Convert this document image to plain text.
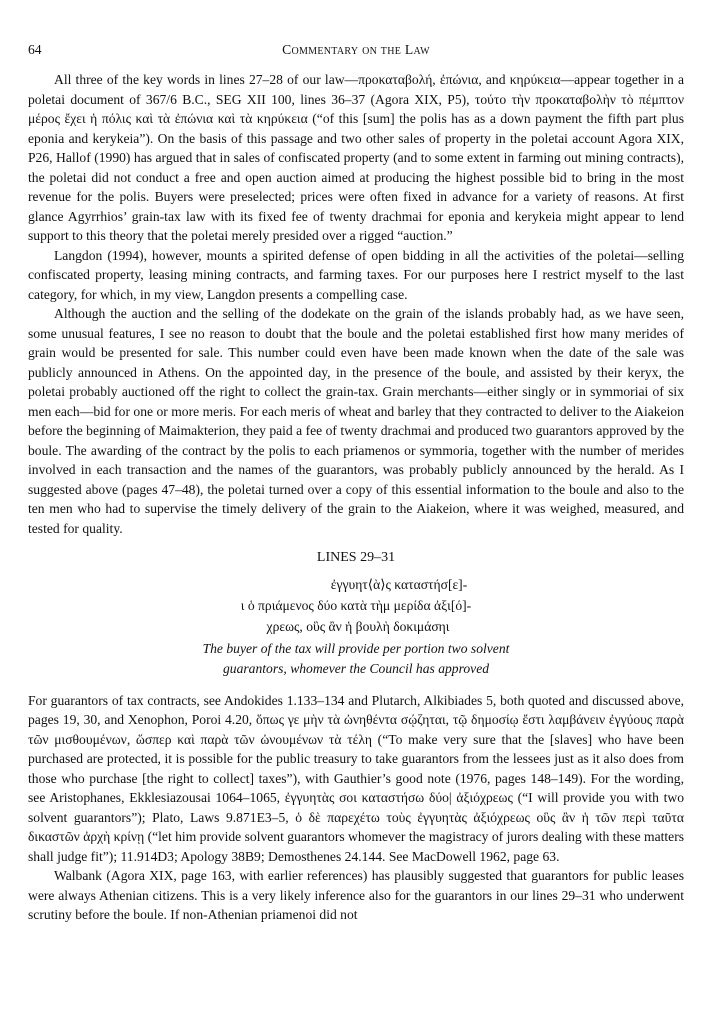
64	Commentary on the Law

All three of the key words in lines 27–28 of our law—προκαταβολή, ἐπώνια, and κηρύκεια—appear together in a poletai document of 367/6 B.C., SEG XII 100, lines 36–37 (Agora XIX, P5), τούτο τὴν προκαταβολὴν τὸ πέμπτον μέρος ἔχει ἡ πόλις καὶ τὰ ἐπώνια καὶ τὰ κηρύκεια (“of this [sum] the polis has as a down payment the fifth part plus eponia and kerykeia”). On the basis of this passage and two other sales of property in the poletai account Agora XIX, P26, Hallof (1990) has argued that in sales of confiscated property (and to some extent in farming out mining contracts), the poletai did not conduct a free and open auction aimed at producing the highest possible bid to bring in the most revenue for the polis. Buyers were preselected; prices were often fixed in advance for a variety of reasons. At first glance Agyrrhios’ grain-tax law with its fixed fee of twenty drachmai for eponia and kerykeia might appear to lend support to this theory that the poletai merely presided over a rigged “auction.”

Langdon (1994), however, mounts a spirited defense of open bidding in all the activities of the poletai—selling confiscated property, leasing mining contracts, and farming taxes. For our purposes here I restrict myself to the last category, for which, in my view, Langdon presents a compelling case.

Although the auction and the selling of the dodekate on the grain of the islands probably had, as we have seen, some unusual features, I see no reason to doubt that the boule and the poletai established first how many merides of grain would be presented for sale. This number could even have been made known when the date of the sale was publicly announced in Athens. On the appointed day, in the presence of the boule, and assisted by their keryx, the poletai probably auctioned off the right to collect the grain-tax. Grain merchants—either singly or in symmoriai of six men each—bid for one or more meris. For each meris of wheat and barley that they contracted to deliver to the Aiakeion before the beginning of Maimakterion, they paid a fee of twenty drachmai and produced two guarantors approved by the boule. The awarding of the contract by the polis to each priamenos or symmoria, together with the number of merides involved in each transaction and the names of the guarantors, was probably publicly announced by the herald. As I suggested above (pages 47–48), the poletai turned over a copy of this essential information to the boule and also to the ten men who had to supervise the timely delivery of the grain to the Aiakeion, where it was weighed, measured, and tested for quality.

LINES 29–31
ἐγγυητ⟨ὰ⟩ς καταστήσ[ε]-
ι ὁ πριάμενος δύο κατὰ τὴμ μερίδα ἀξι[ό]-
χρεως, οὓς ἂν ἡ βουλὴ δοκιμάσηι
The buyer of the tax will provide per portion two solvent
guarantors, whomever the Council has approved

For guarantors of tax contracts, see Andokides 1.133–134 and Plutarch, Alkibiades 5, both quoted and discussed above, pages 19, 30, and Xenophon, Poroi 4.20, ὅπως γε μὴν τὰ ὠνηθέντα σῴζηται, τῷ δημοσίῳ ἔστι λαμβάνειν ἐγγύους παρὰ τῶν μισθουμένων, ὥσπερ καὶ παρὰ τῶν ὠνουμένων τὰ τέλη (“To make very sure that the [slaves] who have been purchased are protected, it is possible for the public treasury to take guarantors from the lessees just as it also does from those who purchase [the right to collect] taxes”), with Gauthier’s good note (1976, pages 148–149). For the wording, see Aristophanes, Ekklesiazousai 1064–1065, ἐγγυητὰς σοι καταστήσω δύο| ἀξιόχρεως (“I will provide you with two solvent guarantors”); Plato, Laws 9.871E3–5, ὁ δὲ παρεχέτω τοὺς ἐγγυητὰς ἀξιόχρεως οὓς ἂν ἡ τῶν περὶ ταῦτα δικαστῶν ἀρχὴ κρίνῃ (“let him provide solvent guarantors whomever the magistracy of jurors dealing with these matters shall judge fit”); 11.914D3; Apology 38B9; Demosthenes 24.144. See MacDowell 1962, page 63.

Walbank (Agora XIX, page 163, with earlier references) has plausibly suggested that guarantors for public leases were always Athenian citizens. This is a very likely inference also for the guarantors in our lines 29–31 who underwent scrutiny before the boule. If non-Athenian priamenoi did not
